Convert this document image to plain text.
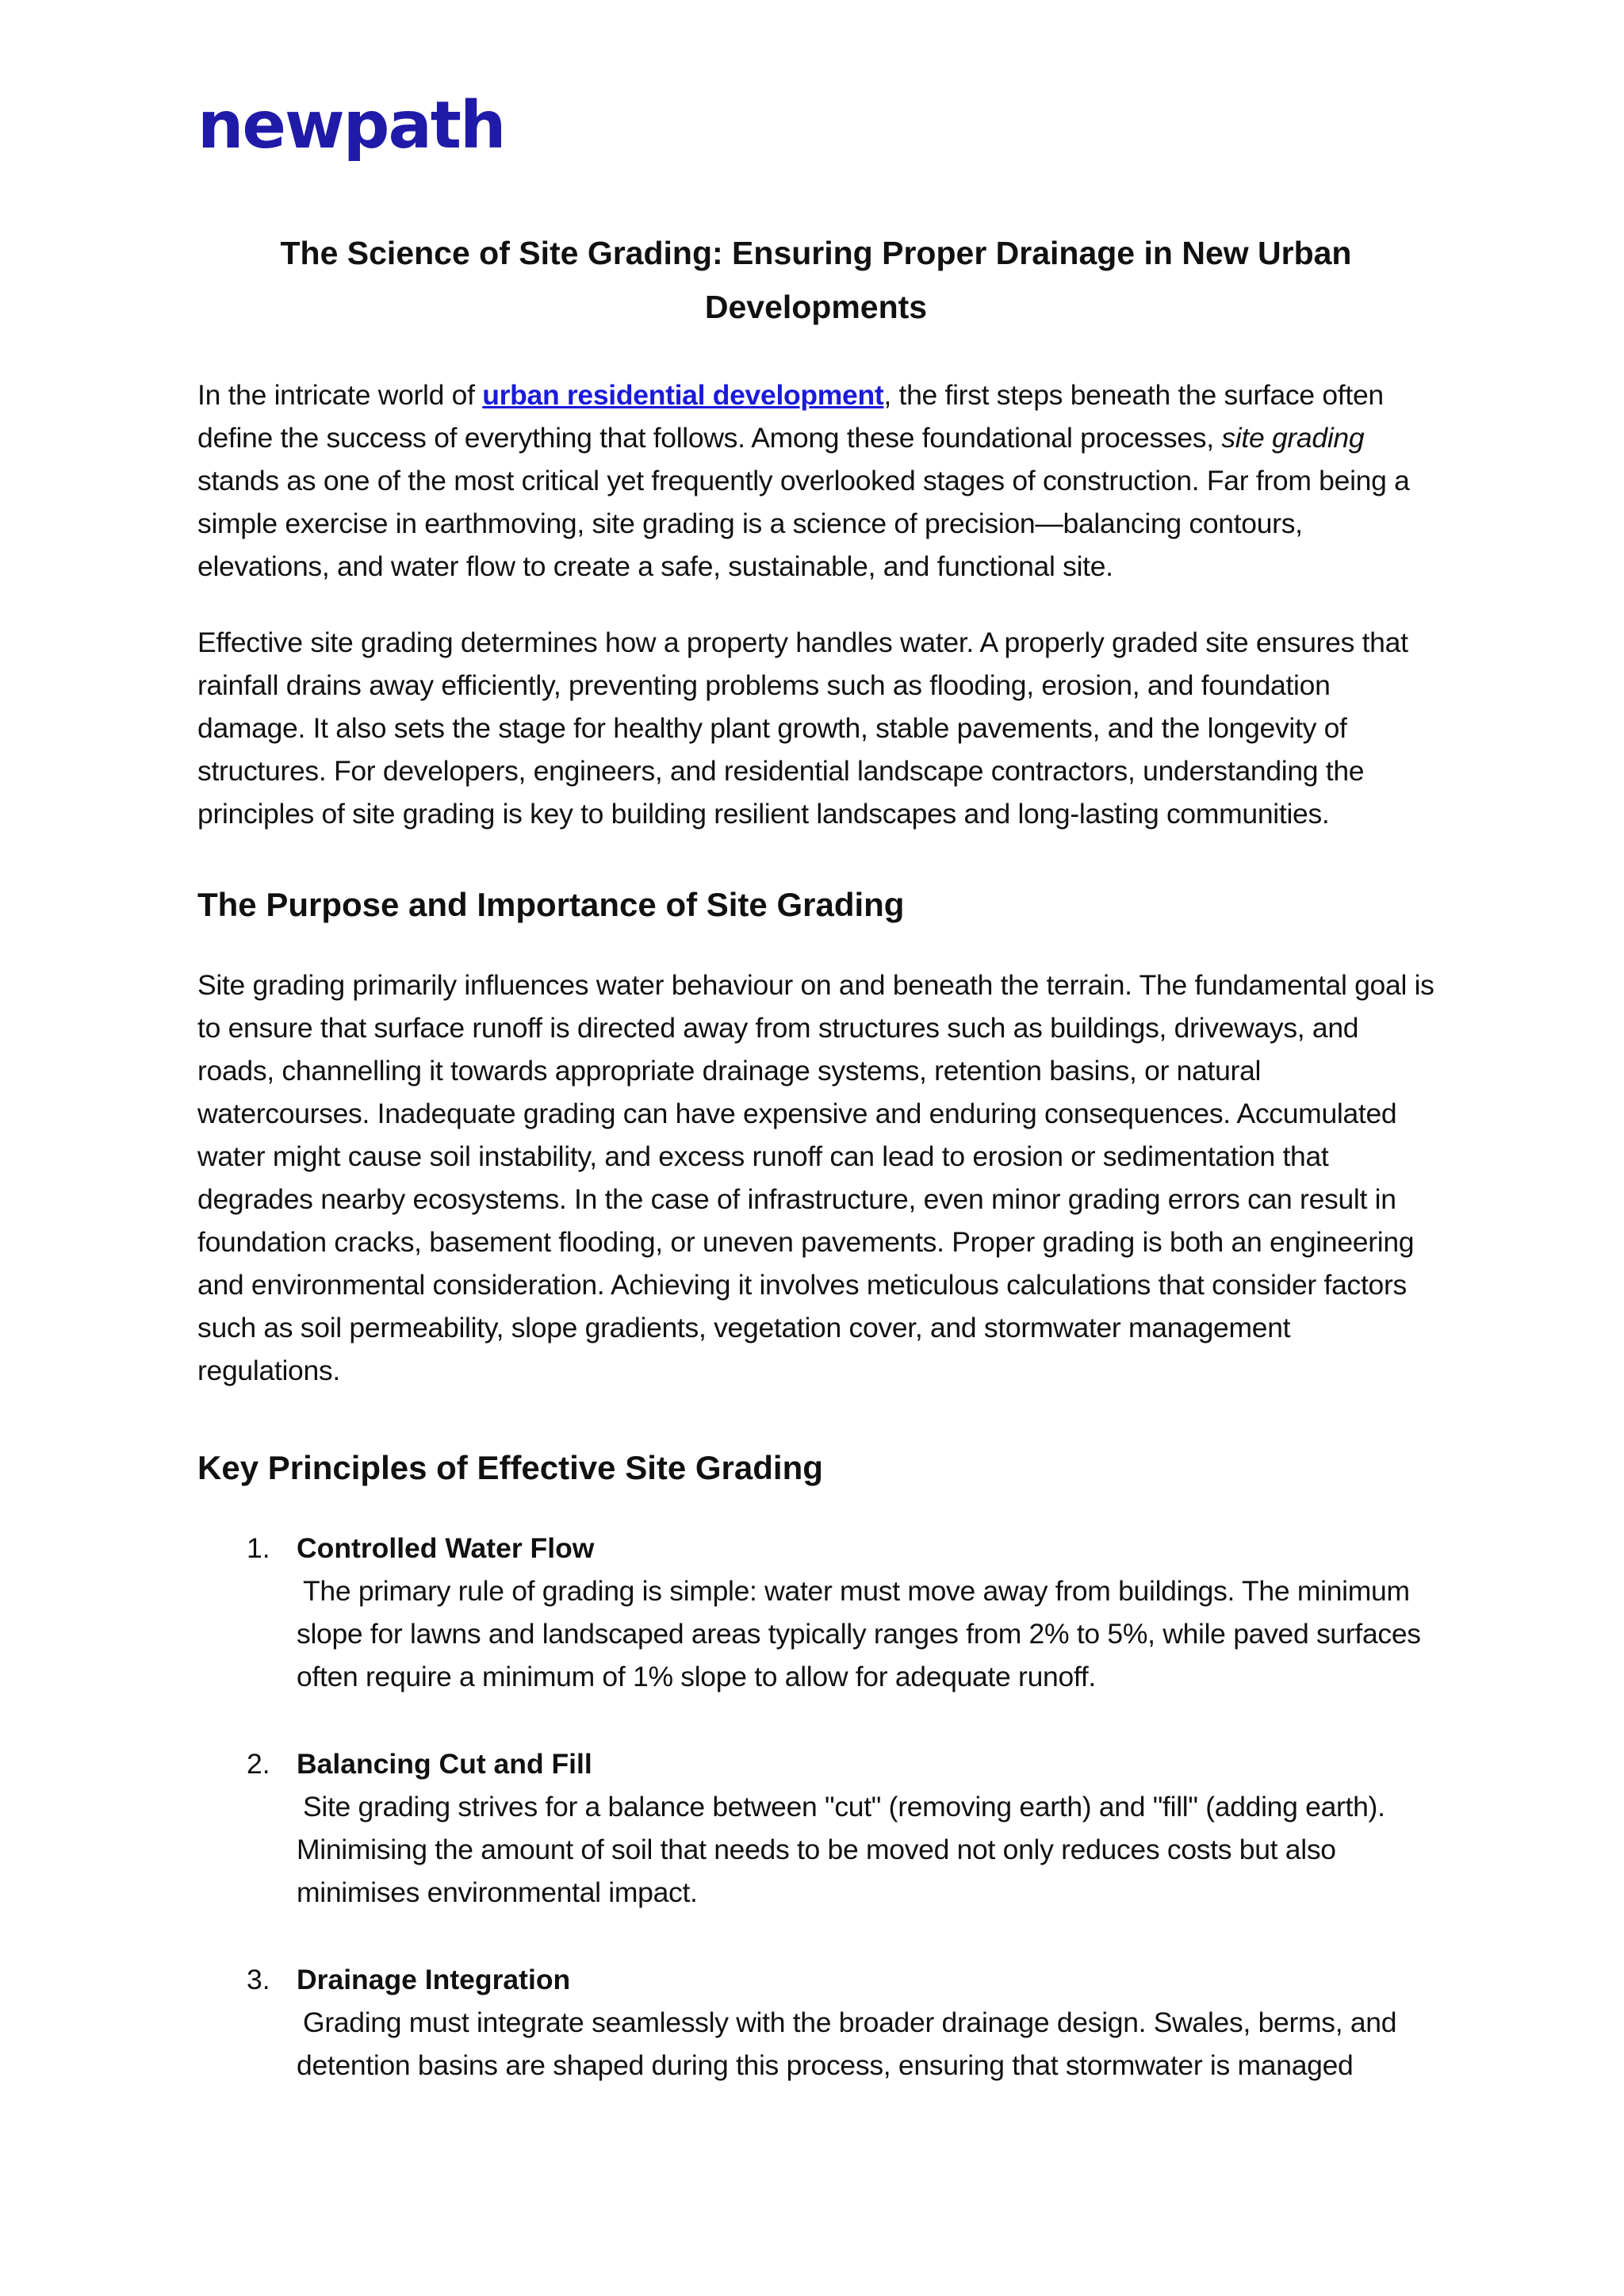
newpath
The Science of Site Grading: Ensuring Proper Drainage in New Urban Developments

In the intricate world of urban residential development, the first steps beneath the surface often define the success of everything that follows. Among these foundational processes, site grading stands as one of the most critical yet frequently overlooked stages of construction. Far from being a simple exercise in earthmoving, site grading is a science of precision—balancing contours, elevations, and water flow to create a safe, sustainable, and functional site.

Effective site grading determines how a property handles water. A properly graded site ensures that rainfall drains away efficiently, preventing problems such as flooding, erosion, and foundation damage. It also sets the stage for healthy plant growth, stable pavements, and the longevity of structures. For developers, engineers, and residential landscape contractors, understanding the principles of site grading is key to building resilient landscapes and long-lasting communities.

The Purpose and Importance of Site Grading

Site grading primarily influences water behaviour on and beneath the terrain. The fundamental goal is to ensure that surface runoff is directed away from structures such as buildings, driveways, and roads, channelling it towards appropriate drainage systems, retention basins, or natural watercourses. Inadequate grading can have expensive and enduring consequences. Accumulated water might cause soil instability, and excess runoff can lead to erosion or sedimentation that degrades nearby ecosystems. In the case of infrastructure, even minor grading errors can result in foundation cracks, basement flooding, or uneven pavements. Proper grading is both an engineering and environmental consideration. Achieving it involves meticulous calculations that consider factors such as soil permeability, slope gradients, vegetation cover, and stormwater management regulations.

Key Principles of Effective Site Grading
1. Controlled Water Flow
The primary rule of grading is simple: water must move away from buildings. The minimum slope for lawns and landscaped areas typically ranges from 2% to 5%, while paved surfaces often require a minimum of 1% slope to allow for adequate runoff.
2. Balancing Cut and Fill
Site grading strives for a balance between "cut" (removing earth) and "fill" (adding earth). Minimising the amount of soil that needs to be moved not only reduces costs but also minimises environmental impact.
3. Drainage Integration
Grading must integrate seamlessly with the broader drainage design. Swales, berms, and detention basins are shaped during this process, ensuring that stormwater is managed
